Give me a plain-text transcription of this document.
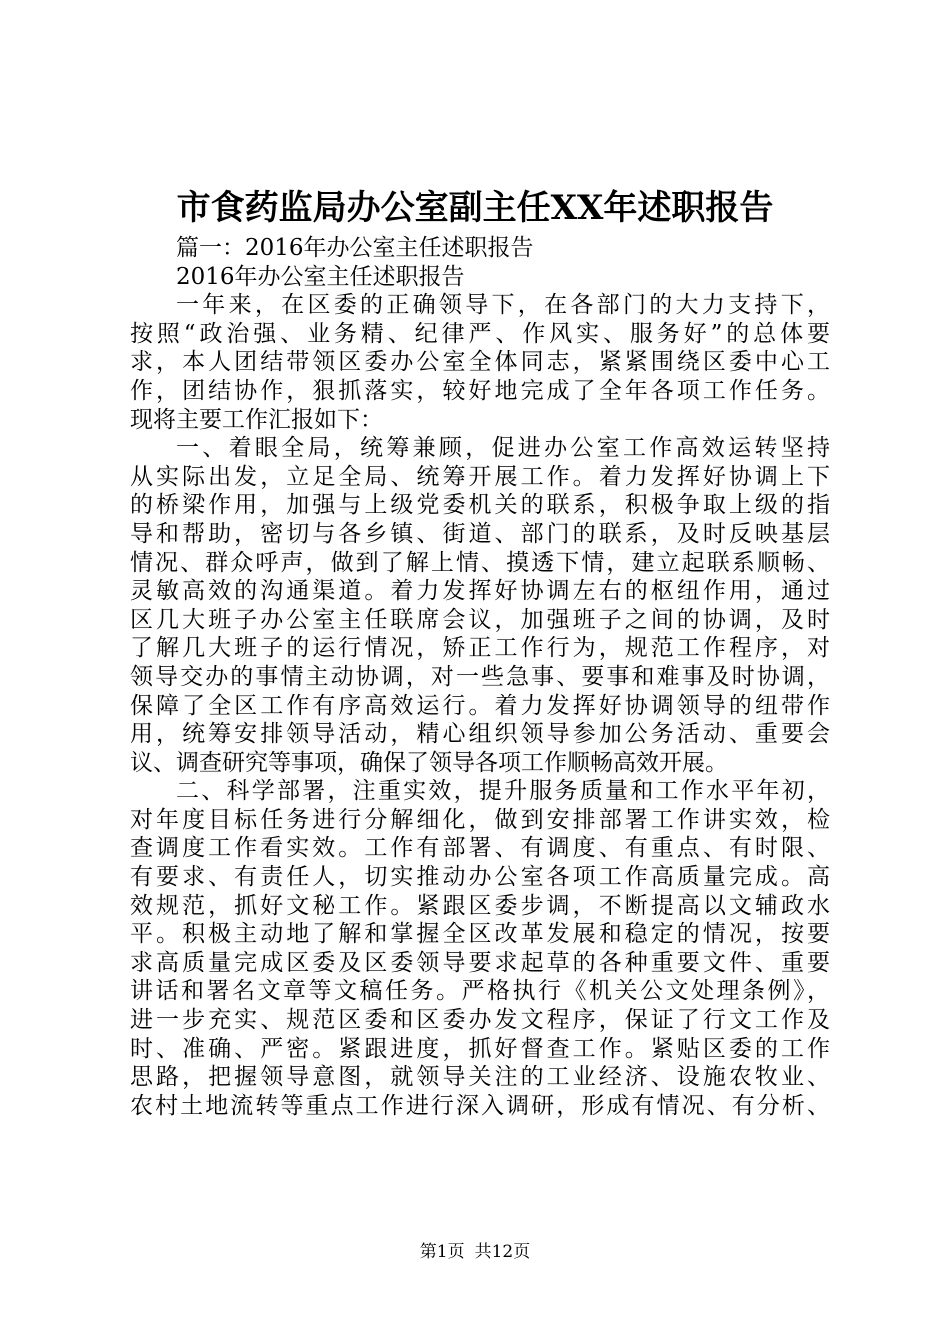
市食药监局办公室副主任XX年述职报告
篇一：2016年办公室主任述职报告
2016年办公室主任述职报告
一年来，在区委的正确领导下，在各部门的大力支持下，
按照“政治强、业务精、纪律严、作风实、服务好”的总体要
求，本人团结带领区委办公室全体同志，紧紧围绕区委中心工
作，团结协作，狠抓落实，较好地完成了全年各项工作任务。
现将主要工作汇报如下：
一、着眼全局，统筹兼顾，促进办公室工作高效运转坚持
从实际出发，立足全局、统筹开展工作。着力发挥好协调上下
的桥梁作用，加强与上级党委机关的联系，积极争取上级的指
导和帮助，密切与各乡镇、街道、部门的联系，及时反映基层
情况、群众呼声，做到了解上情、摸透下情，建立起联系顺畅、
灵敏高效的沟通渠道。着力发挥好协调左右的枢纽作用，通过
区几大班子办公室主任联席会议，加强班子之间的协调，及时
了解几大班子的运行情况，矫正工作行为，规范工作程序，对
领导交办的事情主动协调，对一些急事、要事和难事及时协调，
保障了全区工作有序高效运行。着力发挥好协调领导的纽带作
用，统筹安排领导活动，精心组织领导参加公务活动、重要会
议、调查研究等事项，确保了领导各项工作顺畅高效开展。
二、科学部署，注重实效，提升服务质量和工作水平年初，
对年度目标任务进行分解细化，做到安排部署工作讲实效，检
查调度工作看实效。工作有部署、有调度、有重点、有时限、
有要求、有责任人，切实推动办公室各项工作高质量完成。高
效规范，抓好文秘工作。紧跟区委步调，不断提高以文辅政水
平。积极主动地了解和掌握全区改革发展和稳定的情况，按要
求高质量完成区委及区委领导要求起草的各种重要文件、重要
讲话和署名文章等文稿任务。严格执行《机关公文处理条例》，
进一步充实、规范区委和区委办发文程序，保证了行文工作及
时、准确、严密。紧跟进度，抓好督查工作。紧贴区委的工作
思路，把握领导意图，就领导关注的工业经济、设施农牧业、
农村土地流转等重点工作进行深入调研，形成有情况、有分析、
第1页 共12页
